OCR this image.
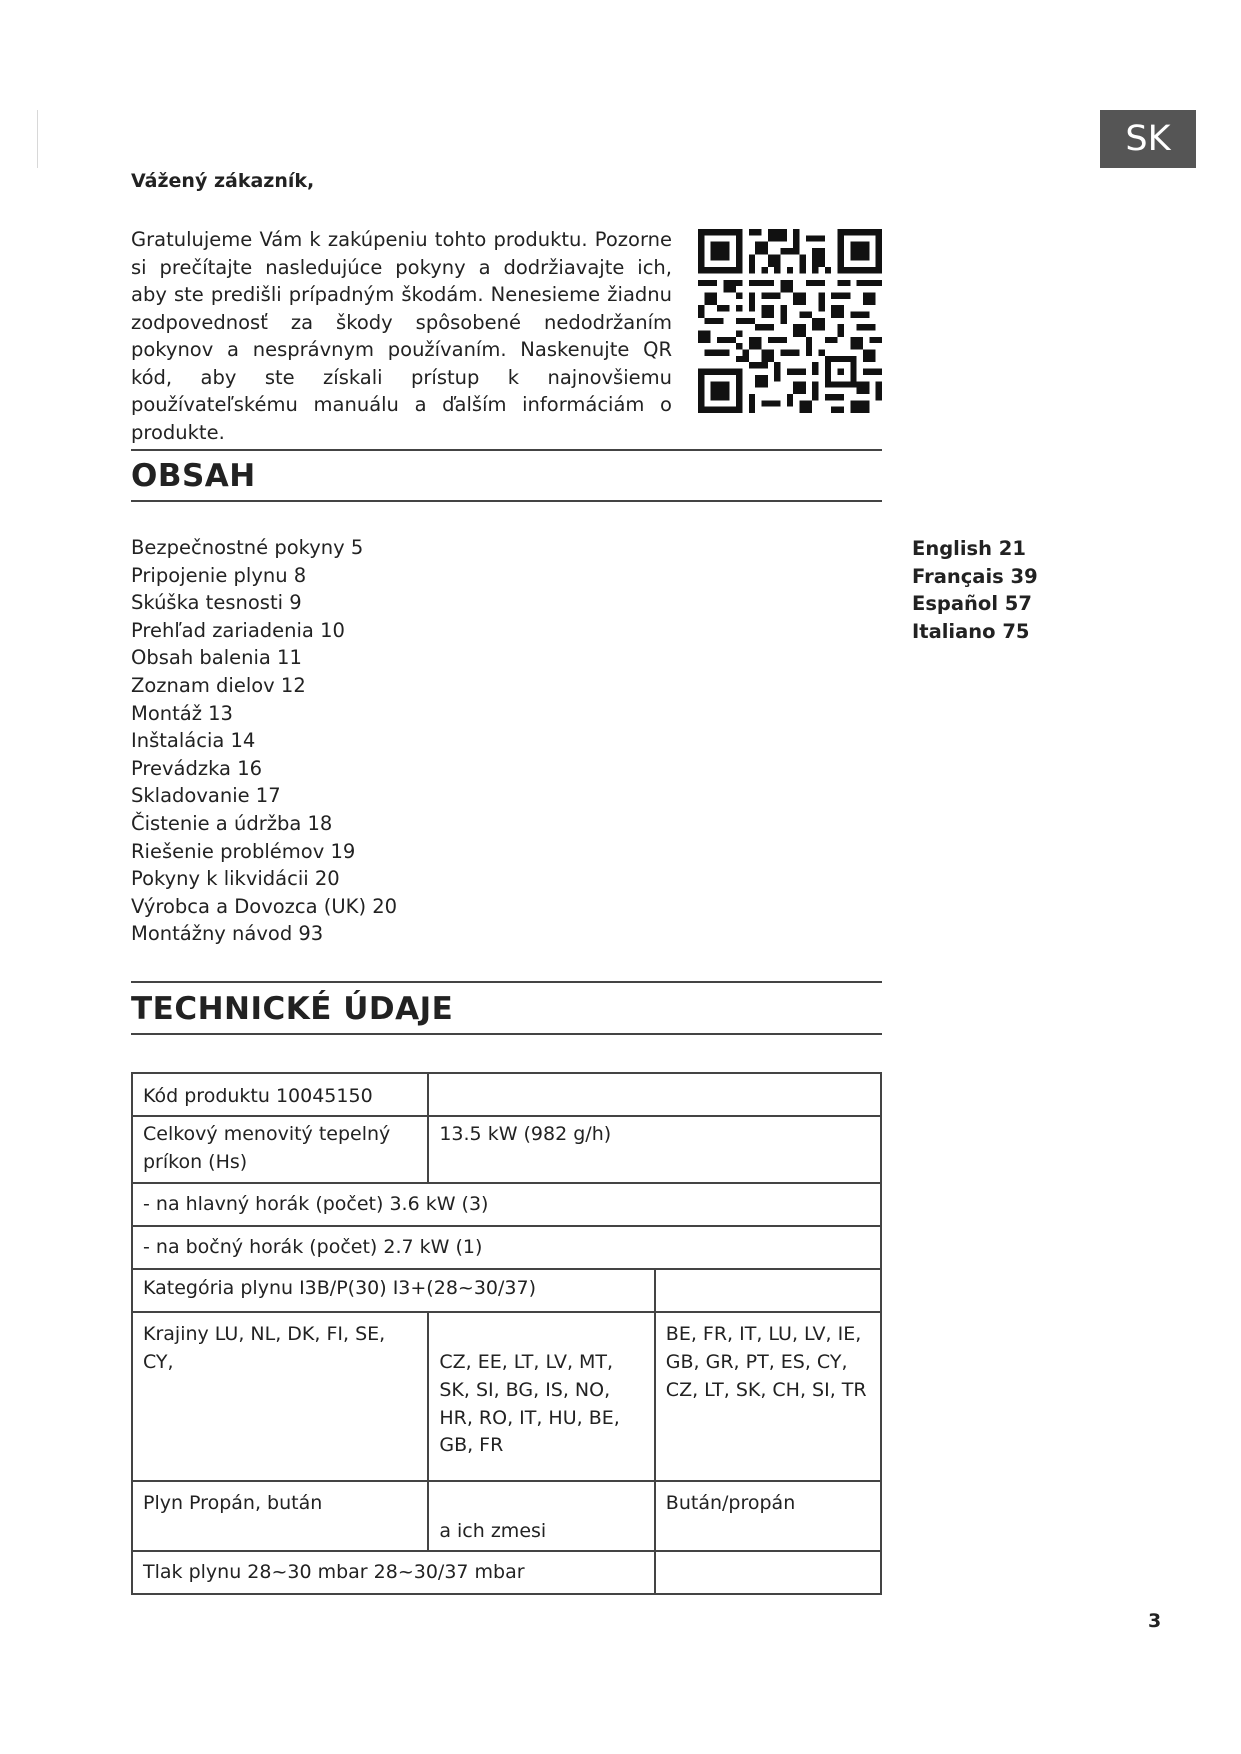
SK
Vážený zákazník,

Gratulujeme Vám k zakúpeniu tohto produktu. Pozorne si prečítajte nasledujúce pokyny a dodržiavajte ich, aby ste predišli prípadným škodám. Nenesieme žiadnu zodpovednosť za škody spôsobené nedodržaním pokynov a nesprávnym používaním. Naskenujte QR kód, aby ste získali prístup k najnovšiemu používateľskému manuálu a ďalším informáciám o produkte.

OBSAH
Bezpečnostné pokyny 5
Pripojenie plynu 8
Skúška tesnosti 9
Prehľad zariadenia 10
Obsah balenia 11
Zoznam dielov 12
Montáž 13
Inštalácia 14
Prevádzka 16
Skladovanie 17
Čistenie a údržba 18
Riešenie problémov 19
Pokyny k likvidácii 20
Výrobca a Dovozca (UK) 20
Montážny návod 93
English 21
Français 39
Español 57
Italiano 75
TECHNICKÉ ÚDAJE
Kód produktu 10045150		
Celkový menovitý tepelný príkon (Hs)	13.5 kW (982 g/h)	
- na hlavný horák (počet) 3.6 kW (3)		
- na bočný horák (počet) 2.7 kW (1)		
Kategória plynu I3B/P(30) I3+(28~30/37)		
Krajiny LU, NL, DK, FI, SE, CY,	CZ, EE, LT, LV, MT, SK, SI, BG, IS, NO, HR, RO, IT, HU, BE, GB, FR	BE, FR, IT, LU, LV, IE, GB, GR, PT, ES, CY, CZ, LT, SK, CH, SI, TR
Plyn Propán, bután	a ich zmesi	Bután/propán
Tlak plynu 28~30 mbar 28~30/37 mbar		
3
